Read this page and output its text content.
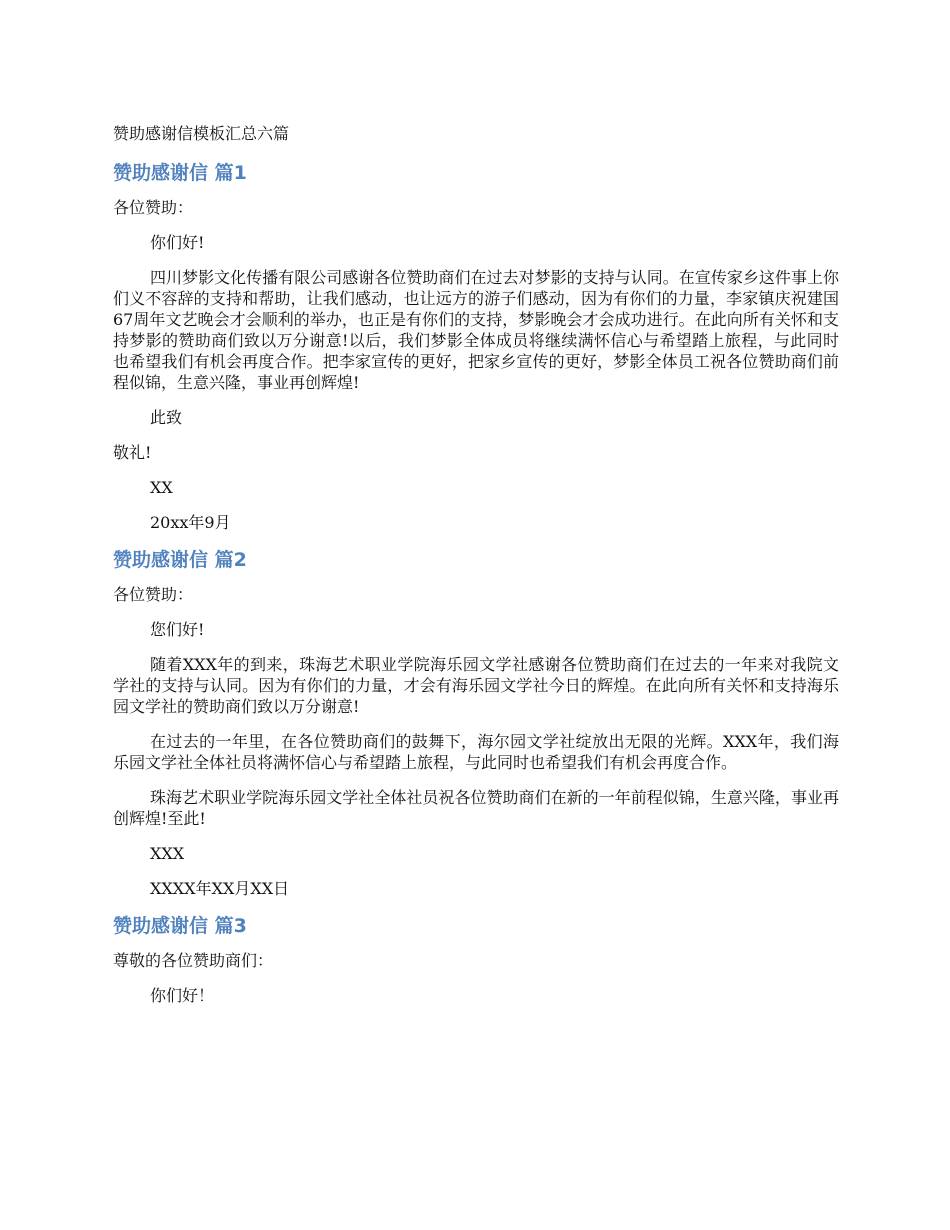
赞助感谢信模板汇总六篇
赞助感谢信 篇1
各位赞助：
你们好!
四川梦影文化传播有限公司感谢各位赞助商们在过去对梦影的支持与认同。在宣传家乡这件事上你们义不容辞的支持和帮助，让我们感动，也让远方的游子们感动，因为有你们的力量，李家镇庆祝建国67周年文艺晚会才会顺利的举办，也正是有你们的支持，梦影晚会才会成功进行。在此向所有关怀和支持梦影的赞助商们致以万分谢意!以后，我们梦影全体成员将继续满怀信心与希望踏上旅程，与此同时也希望我们有机会再度合作。把李家宣传的更好，把家乡宣传的更好，梦影全体员工祝各位赞助商们前程似锦，生意兴隆，事业再创辉煌!
此致
敬礼!
XX
20xx年9月
赞助感谢信 篇2
各位赞助：
您们好!
随着XXX年的到来，珠海艺术职业学院海乐园文学社感谢各位赞助商们在过去的一年来对我院文学社的支持与认同。因为有你们的力量，才会有海乐园文学社今日的辉煌。在此向所有关怀和支持海乐园文学社的赞助商们致以万分谢意!
在过去的一年里，在各位赞助商们的鼓舞下，海尔园文学社绽放出无限的光辉。XXX年，我们海乐园文学社全体社员将满怀信心与希望踏上旅程，与此同时也希望我们有机会再度合作。
珠海艺术职业学院海乐园文学社全体社员祝各位赞助商们在新的一年前程似锦，生意兴隆，事业再创辉煌!至此!
XXX
XXXX年XX月XX日
赞助感谢信 篇3
尊敬的各位赞助商们：
你们好！
